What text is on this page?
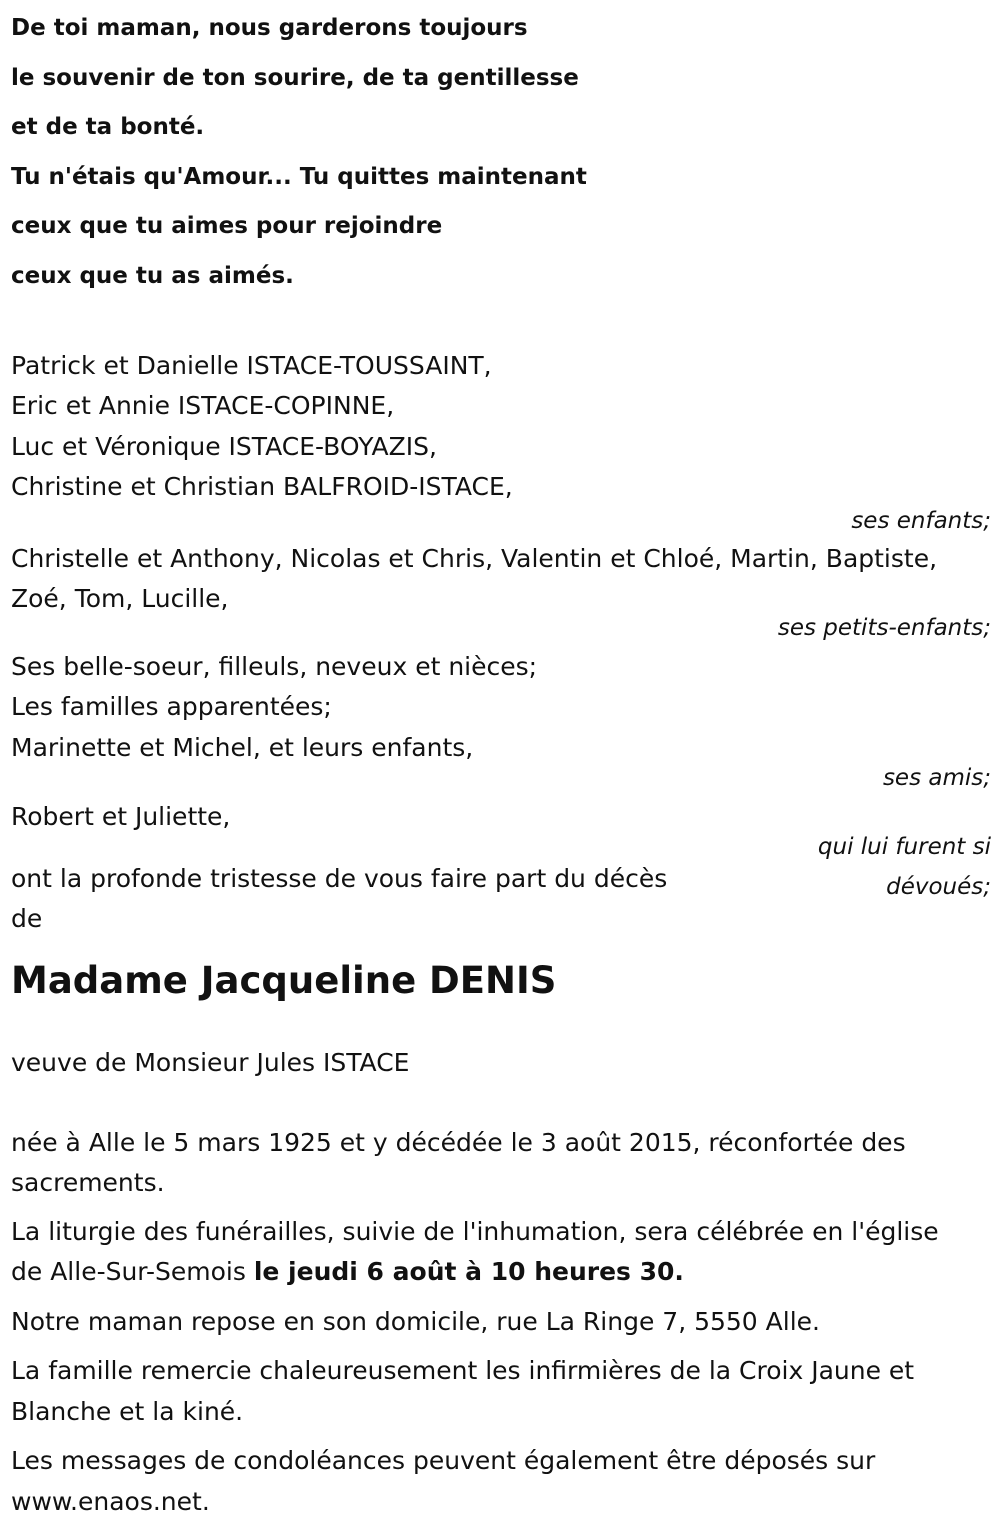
De toi maman, nous garderons toujours

le souvenir de ton sourire, de ta gentillesse

et de ta bonté.

Tu n'étais qu'Amour... Tu quittes maintenant

ceux que tu aimes pour rejoindre

ceux que tu as aimés.

Patrick et Danielle ISTACE-TOUSSAINT,

Eric et Annie ISTACE-COPINNE,

Luc et Véronique ISTACE-BOYAZIS,

Christine et Christian BALFROID-ISTACE,

ses enfants;

Christelle et Anthony, Nicolas et Chris, Valentin et Chloé, Martin, Baptiste,

Zoé, Tom, Lucille,

ses petits-enfants;

Ses belle-soeur, filleuls, neveux et nièces;

Les familles apparentées;

Marinette et Michel, et leurs enfants,

ses amis;

Robert et Juliette,

qui lui furent si

dévoués;

ont la profonde tristesse de vous faire part du décès

de

Madame Jacqueline DENIS

veuve de Monsieur Jules ISTACE

née à Alle le 5 mars 1925 et y décédée le 3 août 2015, réconfortée des

sacrements.

La liturgie des funérailles, suivie de l'inhumation, sera célébrée en l'église

de Alle-Sur-Semois le jeudi 6 août à 10 heures 30.

Notre maman repose en son domicile, rue La Ringe 7, 5550 Alle.

La famille remercie chaleureusement les infirmières de la Croix Jaune et

Blanche et la kiné.

Les messages de condoléances peuvent également être déposés sur

www.enaos.net.
